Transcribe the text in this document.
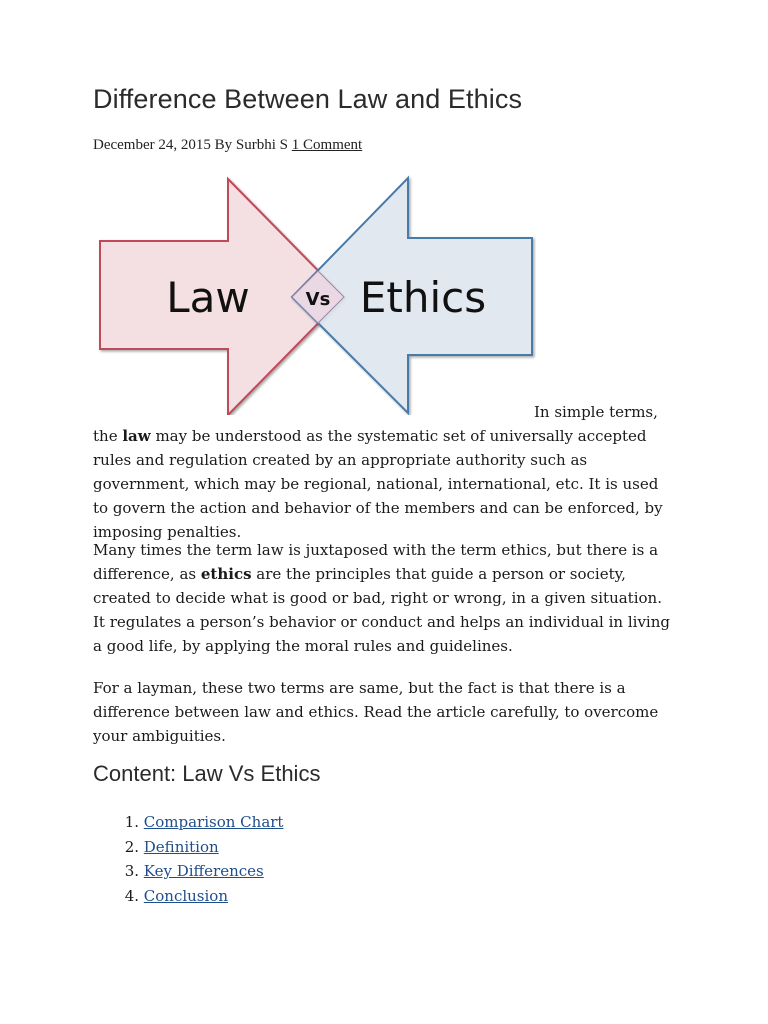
Difference Between Law and Ethics
December 24, 2015 By Surbhi S 1 Comment
Law	Vs Ethics
In simple terms,

the law may be understood as the systematic set of universally accepted rules and regulation created by an appropriate authority such as government, which may be regional, national, international, etc. It is used to govern the action and behavior of the members and can be enforced, by imposing penalties.

Many times the term law is juxtaposed with the term ethics, but there is a difference, as ethics are the principles that guide a person or society, created to decide what is good or bad, right or wrong, in a given situation. It regulates a person’s behavior or conduct and helps an individual in living a good life, by applying the moral rules and guidelines.

For a layman, these two terms are same, but the fact is that there is a difference between law and ethics. Read the article carefully, to overcome your ambiguities.

Content: Law Vs Ethics
1. Comparison Chart
2. Definition
3. Key Differences
4. Conclusion
